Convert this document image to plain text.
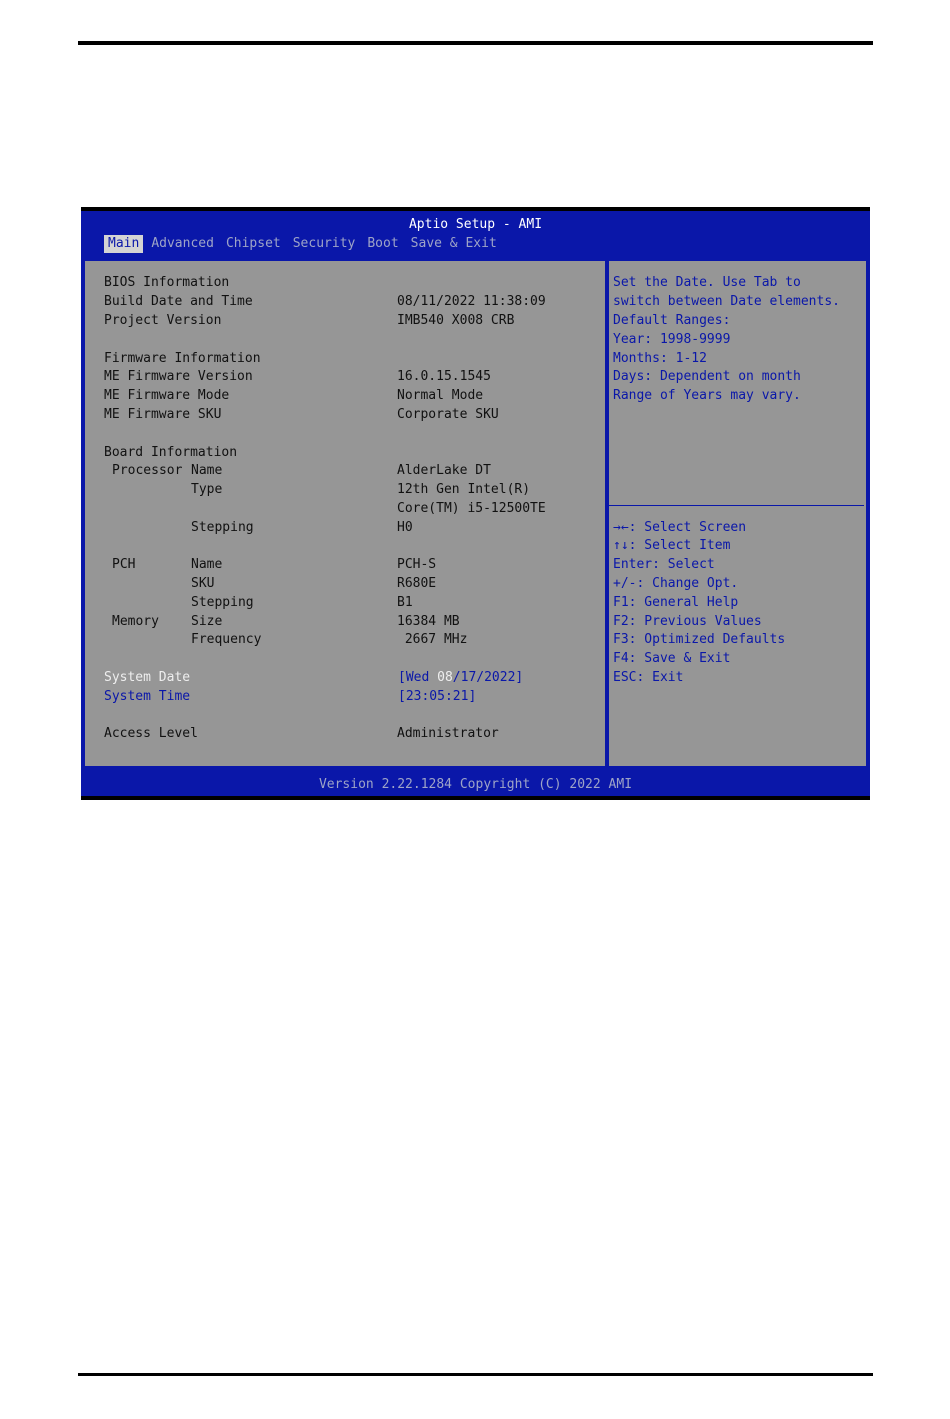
Aptio Setup - AMI
Main Advanced Chipset Security Boot Save & Exit
BIOS Information
Build Date and Time	08/11/2022 11:38:09
Project Version	IMB540 X008 CRB
Firmware Information
ME Firmware Version	16.0.15.1545
ME Firmware Mode	Normal Mode
ME Firmware SKU	Corporate SKU
Board Information
Processor Name	AlderLake DT
Type	12th Gen Intel(R)
Core(TM) i5-12500TE
Stepping	H0
PCH	Name	PCH-S
SKU	R680E
Stepping	B1
Memory Size	16384 MB
Frequency	2667 MHz
System Date	[Wed 08/17/2022]
System Time	[23:05:21]
Access Level	Administrator
Set the Date. Use Tab to
switch between Date elements.
Default Ranges:
Year: 1998-9999
Months: 1-12
Days: Dependent on month
Range of Years may vary.
→←: Select Screen
↑↓: Select Item
Enter: Select
+/-: Change Opt.
F1: General Help
F2: Previous Values
F3: Optimized Defaults
F4: Save & Exit
ESC: Exit
Version 2.22.1284 Copyright (C) 2022 AMI
